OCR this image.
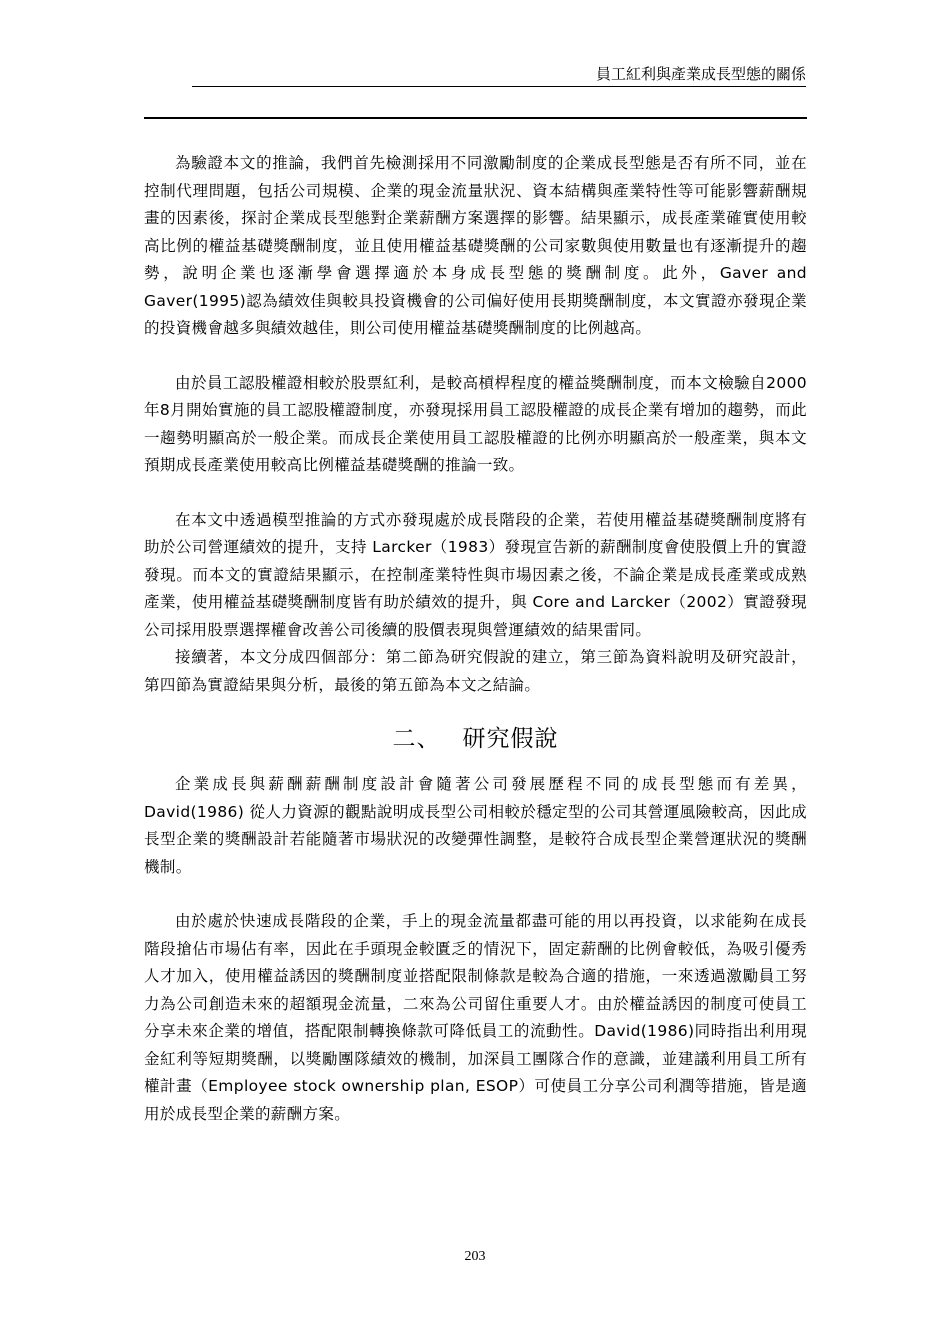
員工紅利與產業成長型態的關係

為驗證本文的推論，我們首先檢測採用不同激勵制度的企業成長型態是否有所不同，並在控制代理問題，包括公司規模、企業的現金流量狀況、資本結構與產業特性等可能影響薪酬規畫的因素後，探討企業成長型態對企業薪酬方案選擇的影響。結果顯示，成長產業確實使用較高比例的權益基礎獎酬制度，並且使用權益基礎獎酬的公司家數與使用數量也有逐漸提升的趨勢，說明企業也逐漸學會選擇適於本身成長型態的獎酬制度。此外，Gaver and Gaver(1995)認為績效佳與較具投資機會的公司偏好使用長期獎酬制度，本文實證亦發現企業的投資機會越多與績效越佳，則公司使用權益基礎獎酬制度的比例越高。

由於員工認股權證相較於股票紅利，是較高槓桿程度的權益獎酬制度，而本文檢驗自2000年8月開始實施的員工認股權證制度，亦發現採用員工認股權證的成長企業有增加的趨勢，而此一趨勢明顯高於一般企業。而成長企業使用員工認股權證的比例亦明顯高於一般產業，與本文預期成長產業使用較高比例權益基礎獎酬的推論一致。

在本文中透過模型推論的方式亦發現處於成長階段的企業，若使用權益基礎獎酬制度將有助於公司營運績效的提升，支持 Larcker（1983）發現宣告新的薪酬制度會使股價上升的實證發現。而本文的實證結果顯示，在控制產業特性與市場因素之後，不論企業是成長產業或成熟產業，使用權益基礎獎酬制度皆有助於績效的提升，與 Core and Larcker（2002）實證發現公司採用股票選擇權會改善公司後續的股價表現與營運績效的結果雷同。

接續著，本文分成四個部分：第二節為研究假說的建立，第三節為資料說明及研究設計，第四節為實證結果與分析，最後的第五節為本文之結論。

二、 研究假說

企業成長與薪酬薪酬制度設計會隨著公司發展歷程不同的成長型態而有差異，David(1986) 從人力資源的觀點說明成長型公司相較於穩定型的公司其營運風險較高，因此成長型企業的獎酬設計若能隨著市場狀況的改變彈性調整，是較符合成長型企業營運狀況的獎酬機制。

由於處於快速成長階段的企業，手上的現金流量都盡可能的用以再投資，以求能夠在成長階段搶佔市場佔有率，因此在手頭現金較匱乏的情況下，固定薪酬的比例會較低，為吸引優秀人才加入，使用權益誘因的獎酬制度並搭配限制條款是較為合適的措施，一來透過激勵員工努力為公司創造未來的超額現金流量，二來為公司留住重要人才。由於權益誘因的制度可使員工分享未來企業的增值，搭配限制轉換條款可降低員工的流動性。David(1986)同時指出利用現金紅利等短期獎酬，以獎勵團隊績效的機制，加深員工團隊合作的意識，並建議利用員工所有權計畫（Employee stock ownership plan, ESOP）可使員工分享公司利潤等措施，皆是適用於成長型企業的薪酬方案。

203
